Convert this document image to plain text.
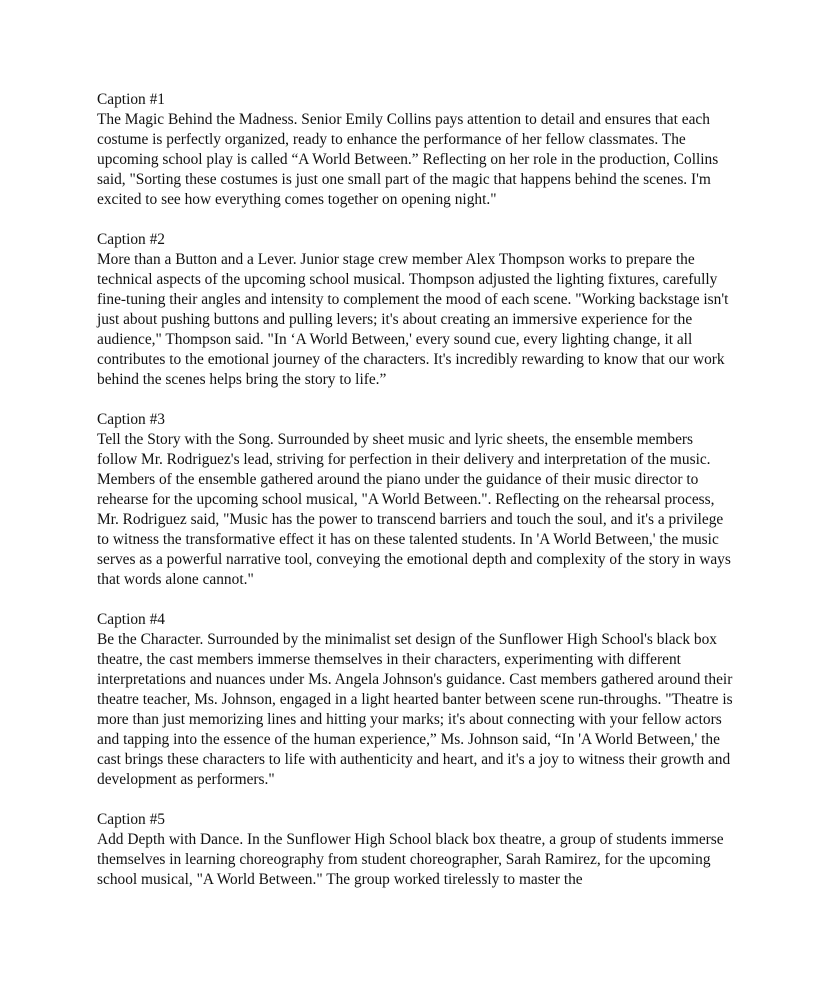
Caption #1
The Magic Behind the Madness. Senior Emily Collins pays attention to detail and ensures that each costume is perfectly organized, ready to enhance the performance of her fellow classmates. The upcoming school play is called “A World Between.” Reflecting on her role in the production, Collins said, "Sorting these costumes is just one small part of the magic that happens behind the scenes. I'm excited to see how everything comes together on opening night."
Caption #2
More than a Button and a Lever. Junior stage crew member Alex Thompson works to prepare the technical aspects of the upcoming school musical. Thompson adjusted the lighting fixtures, carefully fine-tuning their angles and intensity to complement the mood of each scene. "Working backstage isn't just about pushing buttons and pulling levers; it's about creating an immersive experience for the audience," Thompson said. "In ‘A World Between,' every sound cue, every lighting change, it all contributes to the emotional journey of the characters. It's incredibly rewarding to know that our work behind the scenes helps bring the story to life.”
Caption #3
Tell the Story with the Song. Surrounded by sheet music and lyric sheets, the ensemble members follow Mr. Rodriguez's lead, striving for perfection in their delivery and interpretation of the music. Members of the ensemble gathered around the piano under the guidance of their music director to rehearse for the upcoming school musical, "A World Between.". Reflecting on the rehearsal process, Mr. Rodriguez said, "Music has the power to transcend barriers and touch the soul, and it's a privilege to witness the transformative effect it has on these talented students. In 'A World Between,' the music serves as a powerful narrative tool, conveying the emotional depth and complexity of the story in ways that words alone cannot."
Caption #4
Be the Character. Surrounded by the minimalist set design of the Sunflower High School's black box theatre, the cast members immerse themselves in their characters, experimenting with different interpretations and nuances under Ms. Angela Johnson's guidance. Cast members gathered around their theatre teacher, Ms. Johnson, engaged in a light hearted banter between scene run-throughs. "Theatre is more than just memorizing lines and hitting your marks; it's about connecting with your fellow actors and tapping into the essence of the human experience,” Ms. Johnson said, “In 'A World Between,' the cast brings these characters to life with authenticity and heart, and it's a joy to witness their growth and development as performers."
Caption #5
Add Depth with Dance. In the Sunflower High School black box theatre, a group of students immerse themselves in learning choreography from student choreographer, Sarah Ramirez, for the upcoming school musical, "A World Between." The group worked tirelessly to master the
